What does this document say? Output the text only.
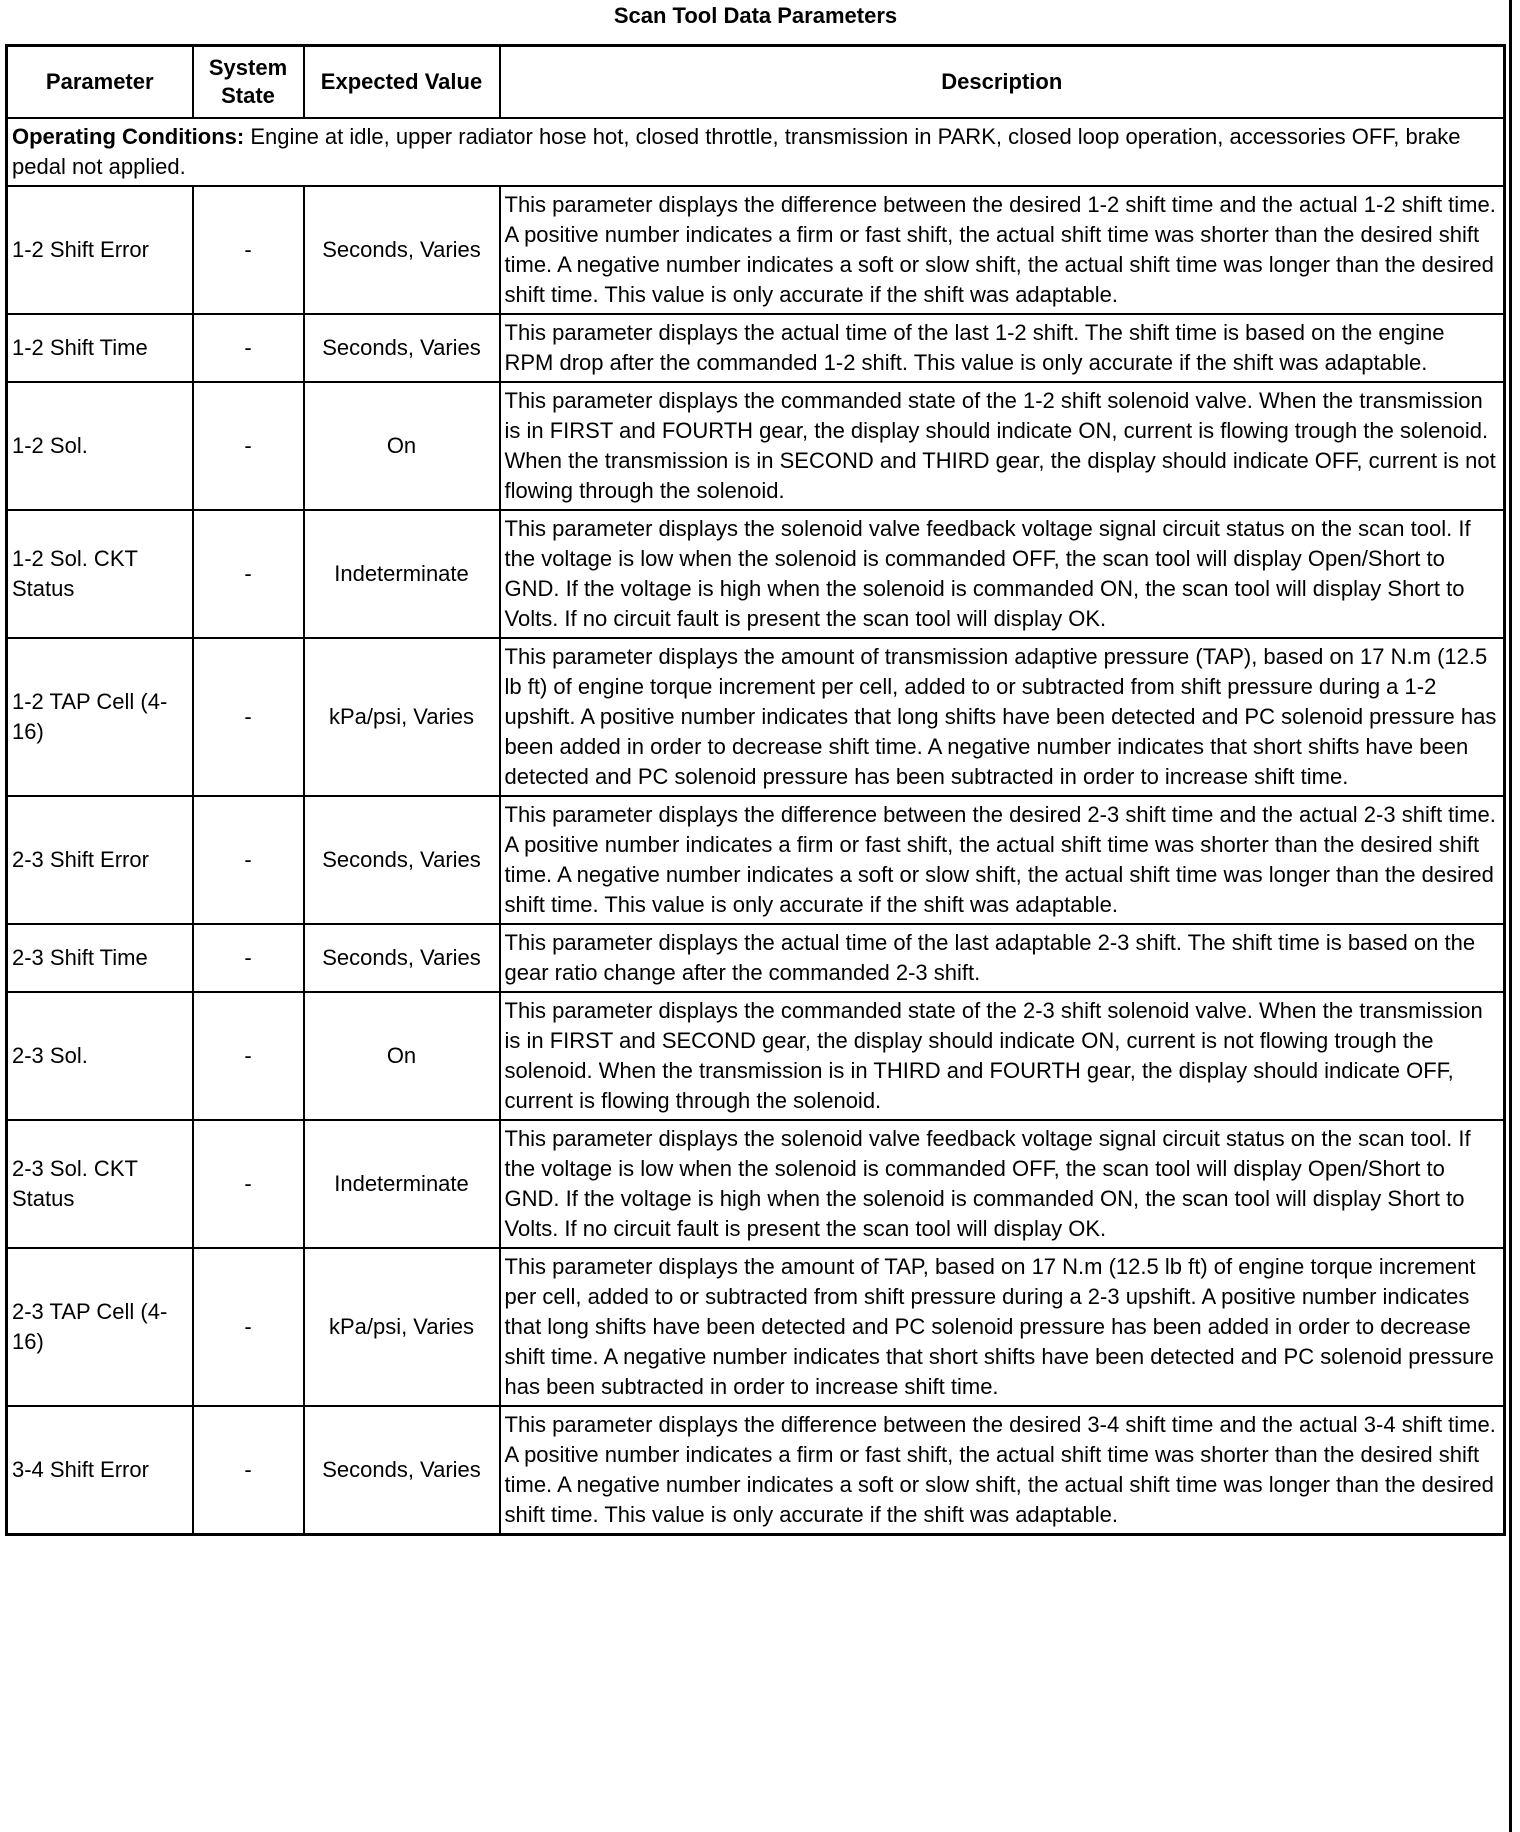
Scan Tool Data Parameters
Parameter	System State	Expected Value	Description
Operating Conditions: Engine at idle, upper radiator hose hot, closed throttle, transmission in PARK, closed loop operation, accessories OFF, brake pedal not applied.			
1-2 Shift Error	-	Seconds, Varies	This parameter displays the difference between the desired 1-2 shift time and the actual 1-2 shift time. A positive number indicates a firm or fast shift, the actual shift time was shorter than the desired shift time. A negative number indicates a soft or slow shift, the actual shift time was longer than the desired shift time. This value is only accurate if the shift was adaptable.
1-2 Shift Time	-	Seconds, Varies	This parameter displays the actual time of the last 1-2 shift. The shift time is based on the engine RPM drop after the commanded 1-2 shift. This value is only accurate if the shift was adaptable.
1-2 Sol.	-	On	This parameter displays the commanded state of the 1-2 shift solenoid valve. When the transmission is in FIRST and FOURTH gear, the display should indicate ON, current is flowing trough the solenoid. When the transmission is in SECOND and THIRD gear, the display should indicate OFF, current is not flowing through the solenoid.
1-2 Sol. CKT Status	-	Indeterminate	This parameter displays the solenoid valve feedback voltage signal circuit status on the scan tool. If the voltage is low when the solenoid is commanded OFF, the scan tool will display Open/Short to GND. If the voltage is high when the solenoid is commanded ON, the scan tool will display Short to Volts. If no circuit fault is present the scan tool will display OK.
1-2 TAP Cell (4-16)	-	kPa/psi, Varies	This parameter displays the amount of transmission adaptive pressure (TAP), based on 17 N.m (12.5 lb ft) of engine torque increment per cell, added to or subtracted from shift pressure during a 1-2 upshift. A positive number indicates that long shifts have been detected and PC solenoid pressure has been added in order to decrease shift time. A negative number indicates that short shifts have been detected and PC solenoid pressure has been subtracted in order to increase shift time.
2-3 Shift Error	-	Seconds, Varies	This parameter displays the difference between the desired 2-3 shift time and the actual 2-3 shift time. A positive number indicates a firm or fast shift, the actual shift time was shorter than the desired shift time. A negative number indicates a soft or slow shift, the actual shift time was longer than the desired shift time. This value is only accurate if the shift was adaptable.
2-3 Shift Time	-	Seconds, Varies	This parameter displays the actual time of the last adaptable 2-3 shift. The shift time is based on the gear ratio change after the commanded 2-3 shift.
2-3 Sol.	-	On	This parameter displays the commanded state of the 2-3 shift solenoid valve. When the transmission is in FIRST and SECOND gear, the display should indicate ON, current is not flowing trough the solenoid. When the transmission is in THIRD and FOURTH gear, the display should indicate OFF, current is flowing through the solenoid.
2-3 Sol. CKT Status	-	Indeterminate	This parameter displays the solenoid valve feedback voltage signal circuit status on the scan tool. If the voltage is low when the solenoid is commanded OFF, the scan tool will display Open/Short to GND. If the voltage is high when the solenoid is commanded ON, the scan tool will display Short to Volts. If no circuit fault is present the scan tool will display OK.
2-3 TAP Cell (4-16)	-	kPa/psi, Varies	This parameter displays the amount of TAP, based on 17 N.m (12.5 lb ft) of engine torque increment per cell, added to or subtracted from shift pressure during a 2-3 upshift. A positive number indicates that long shifts have been detected and PC solenoid pressure has been added in order to decrease shift time. A negative number indicates that short shifts have been detected and PC solenoid pressure has been subtracted in order to increase shift time.
3-4 Shift Error	-	Seconds, Varies	This parameter displays the difference between the desired 3-4 shift time and the actual 3-4 shift time. A positive number indicates a firm or fast shift, the actual shift time was shorter than the desired shift time. A negative number indicates a soft or slow shift, the actual shift time was longer than the desired shift time. This value is only accurate if the shift was adaptable.
